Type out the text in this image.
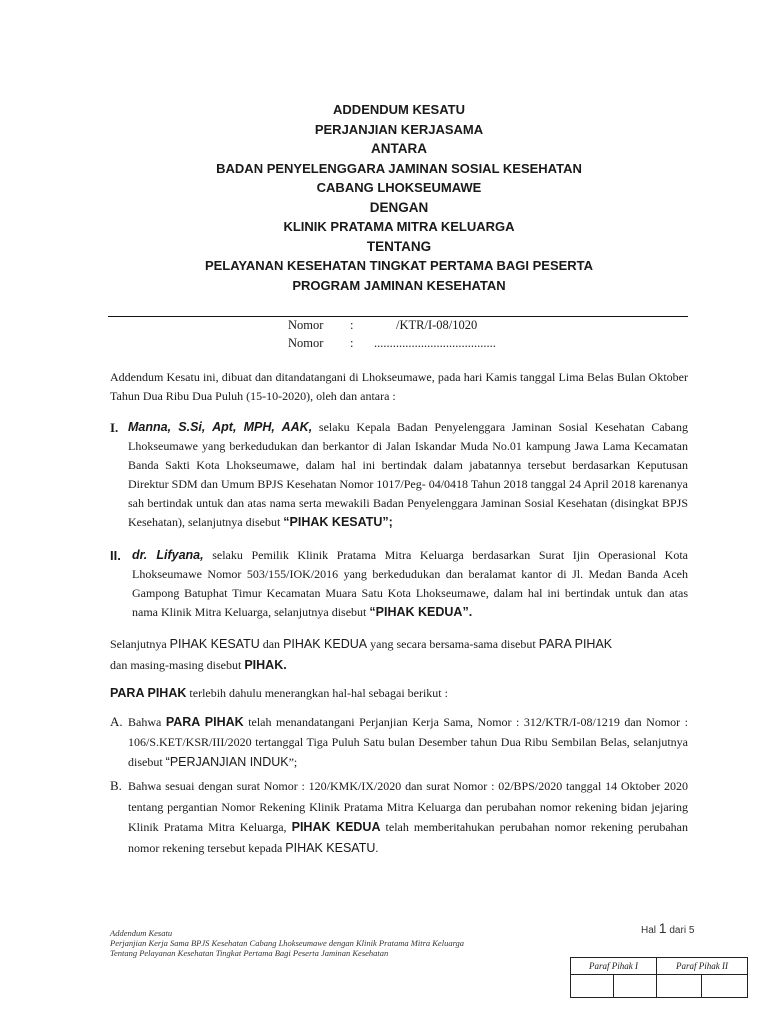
ADDENDUM KESATU
PERJANJIAN KERJASAMA
ANTARA
BADAN PENYELENGGARA JAMINAN SOSIAL KESEHATAN
CABANG LHOKSEUMAWE
DENGAN
KLINIK PRATAMA MITRA KELUARGA
TENTANG
PELAYANAN KESEHATAN TINGKAT PERTAMA BAGI PESERTA
PROGRAM JAMINAN KESEHATAN
Nomor :	/KTR/I-08/1020
Nomor : .......................................
Addendum Kesatu ini, dibuat dan ditandatangani di Lhokseumawe, pada hari Kamis tanggal Lima Belas Bulan Oktober Tahun Dua Ribu Dua Puluh (15-10-2020), oleh dan antara :
I. Manna, S.Si, Apt, MPH, AAK, selaku Kepala Badan Penyelenggara Jaminan Sosial Kesehatan Cabang Lhokseumawe yang berkedudukan dan berkantor di Jalan Iskandar Muda No.01 kampung Jawa Lama Kecamatan Banda Sakti Kota Lhokseumawe, dalam hal ini bertindak dalam jabatannya tersebut berdasarkan Keputusan Direktur SDM dan Umum BPJS Kesehatan Nomor 1017/Peg- 04/0418 Tahun 2018 tanggal 24 April 2018 karenanya sah bertindak untuk dan atas nama serta mewakili Badan Penyelenggara Jaminan Sosial Kesehatan (disingkat BPJS Kesehatan), selanjutnya disebut “PIHAK KESATU”;
II. dr. Lifyana, selaku Pemilik Klinik Pratama Mitra Keluarga berdasarkan Surat Ijin Operasional Kota Lhokseumawe Nomor 503/155/IOK/2016 yang berkedudukan dan beralamat kantor di Jl. Medan Banda Aceh Gampong Batuphat Timur Kecamatan Muara Satu Kota Lhokseumawe, dalam hal ini bertindak untuk dan atas nama Klinik Mitra Keluarga, selanjutnya disebut “PIHAK KEDUA”.
Selanjutnya PIHAK KESATU dan PIHAK KEDUA yang secara bersama-sama disebut PARA PIHAK
dan masing-masing disebut PIHAK.
PARA PIHAK terlebih dahulu menerangkan hal-hal sebagai berikut :
A. Bahwa PARA PIHAK telah menandatangani Perjanjian Kerja Sama, Nomor : 312/KTR/I-08/1219 dan Nomor : 106/S.KET/KSR/III/2020 tertanggal Tiga Puluh Satu bulan Desember tahun Dua Ribu Sembilan Belas, selanjutnya disebut “PERJANJIAN INDUK”;
B. Bahwa sesuai dengan surat Nomor : 120/KMK/IX/2020 dan surat Nomor : 02/BPS/2020 tanggal 14 Oktober 2020 tentang pergantian Nomor Rekening Klinik Pratama Mitra Keluarga dan perubahan nomor rekening bidan jejaring Klinik Pratama Mitra Keluarga, PIHAK KEDUA telah memberitahukan perubahan nomor rekening perubahan nomor rekening tersebut kepada PIHAK KESATU.
Addendum Kesatu
Perjanjian Kerja Sama BPJS Kesehatan Cabang Lhokseumawe dengan Klinik Pratama Mitra Keluarga
Tentang Pelayanan Kesehatan Tingkat Pertama Bagi Peserta Jaminan Kesehatan
Hal 1 dari 5
Paraf Pihak I		Paraf Pihak II	
